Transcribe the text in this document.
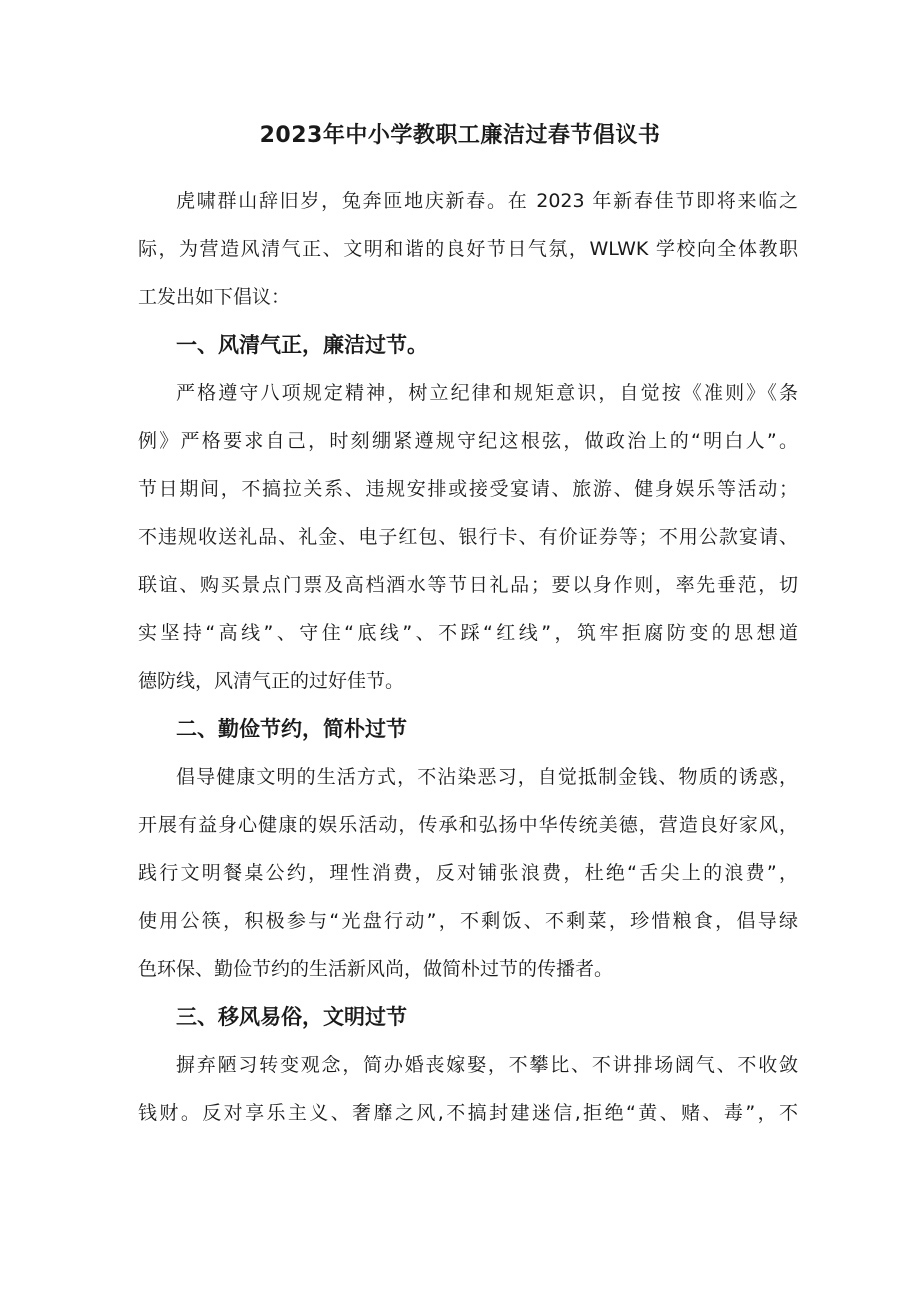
2023年中小学教职工廉洁过春节倡议书
虎啸群山辞旧岁，兔奔匝地庆新春。在 2023 年新春佳节即将来临之
际，为营造风清气正、文明和谐的良好节日气氛，WLWK 学校向全体教职
工发出如下倡议：
一、风清气正，廉洁过节。
严格遵守八项规定精神，树立纪律和规矩意识，自觉按《准则》《条
例》严格要求自己，时刻绷紧遵规守纪这根弦，做政治上的“明白人”。
节日期间，不搞拉关系、违规安排或接受宴请、旅游、健身娱乐等活动；
不违规收送礼品、礼金、电子红包、银行卡、有价证券等；不用公款宴请、
联谊、购买景点门票及高档酒水等节日礼品；要以身作则，率先垂范，切
实坚持“高线”、守住“底线”、不踩“红线”，筑牢拒腐防变的思想道
德防线，风清气正的过好佳节。
二、勤俭节约，简朴过节
倡导健康文明的生活方式，不沾染恶习，自觉抵制金钱、物质的诱惑，
开展有益身心健康的娱乐活动，传承和弘扬中华传统美德，营造良好家风，
践行文明餐桌公约，理性消费，反对铺张浪费，杜绝“舌尖上的浪费”，
使用公筷，积极参与“光盘行动”，不剩饭、不剩菜，珍惜粮食，倡导绿
色环保、勤俭节约的生活新风尚，做简朴过节的传播者。
三、移风易俗，文明过节
摒弃陋习转变观念，简办婚丧嫁娶，不攀比、不讲排场阔气、不收敛
钱财。反对享乐主义、奢靡之风,不搞封建迷信,拒绝“黄、赌、毒”，不
